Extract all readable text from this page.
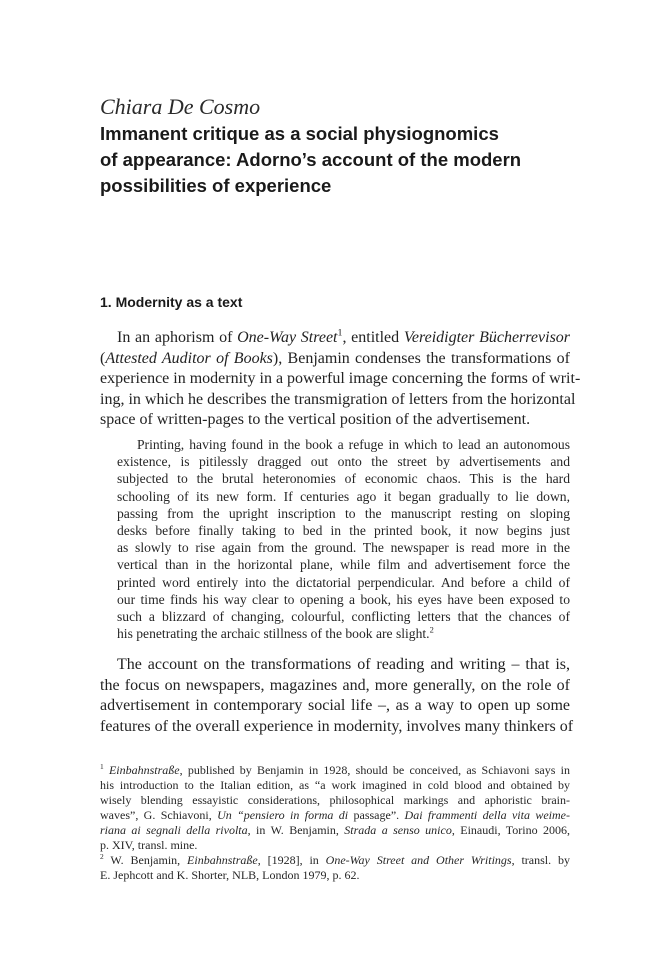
Chiara De Cosmo
Immanent critique as a social physiognomics
of appearance: Adorno’s account of the modern
possibilities of experience
1. Modernity as a text
In an aphorism of One-Way Street$^1$, entitled Vereidigter Bücherrevisor
(Attested Auditor of Books), Benjamin condenses the transformations of
experience in modernity in a powerful image concerning the forms of writ-
ing, in which he describes the transmigration of letters from the horizontal
space of written-pages to the vertical position of the advertisement.
Printing, having found in the book a refuge in which to lead an autonomous
existence, is pitilessly dragged out onto the street by advertisements and
subjected to the brutal heteronomies of economic chaos. This is the hard
schooling of its new form. If centuries ago it began gradually to lie down,
passing from the upright inscription to the manuscript resting on sloping
desks before finally taking to bed in the printed book, it now begins just
as slowly to rise again from the ground. The newspaper is read more in the
vertical than in the horizontal plane, while film and advertisement force the
printed word entirely into the dictatorial perpendicular. And before a child of
our time finds his way clear to opening a book, his eyes have been exposed to
such a blizzard of changing, colourful, conflicting letters that the chances of
his penetrating the archaic stillness of the book are slight.$^2$
The account on the transformations of reading and writing – that is,
the focus on newspapers, magazines and, more generally, on the role of
advertisement in contemporary social life –, as a way to open up some
features of the overall experience in modernity, involves many thinkers of
$^1$ Einbahnstraße, published by Benjamin in 1928, should be conceived, as Schiavoni says in
his introduction to the Italian edition, as “a work imagined in cold blood and obtained by
wisely blending essayistic considerations, philosophical markings and aphoristic brain-
waves”, G. Schiavoni, Un “pensiero in forma di passage”. Dai frammenti della vita weime-
riana ai segnali della rivolta, in W. Benjamin, Strada a senso unico, Einaudi, Torino 2006,
p. XIV, transl. mine.
$^2$ W. Benjamin, Einbahnstraße, [1928], in One-Way Street and Other Writings, transl. by
E. Jephcott and K. Shorter, NLB, London 1979, p. 62.
